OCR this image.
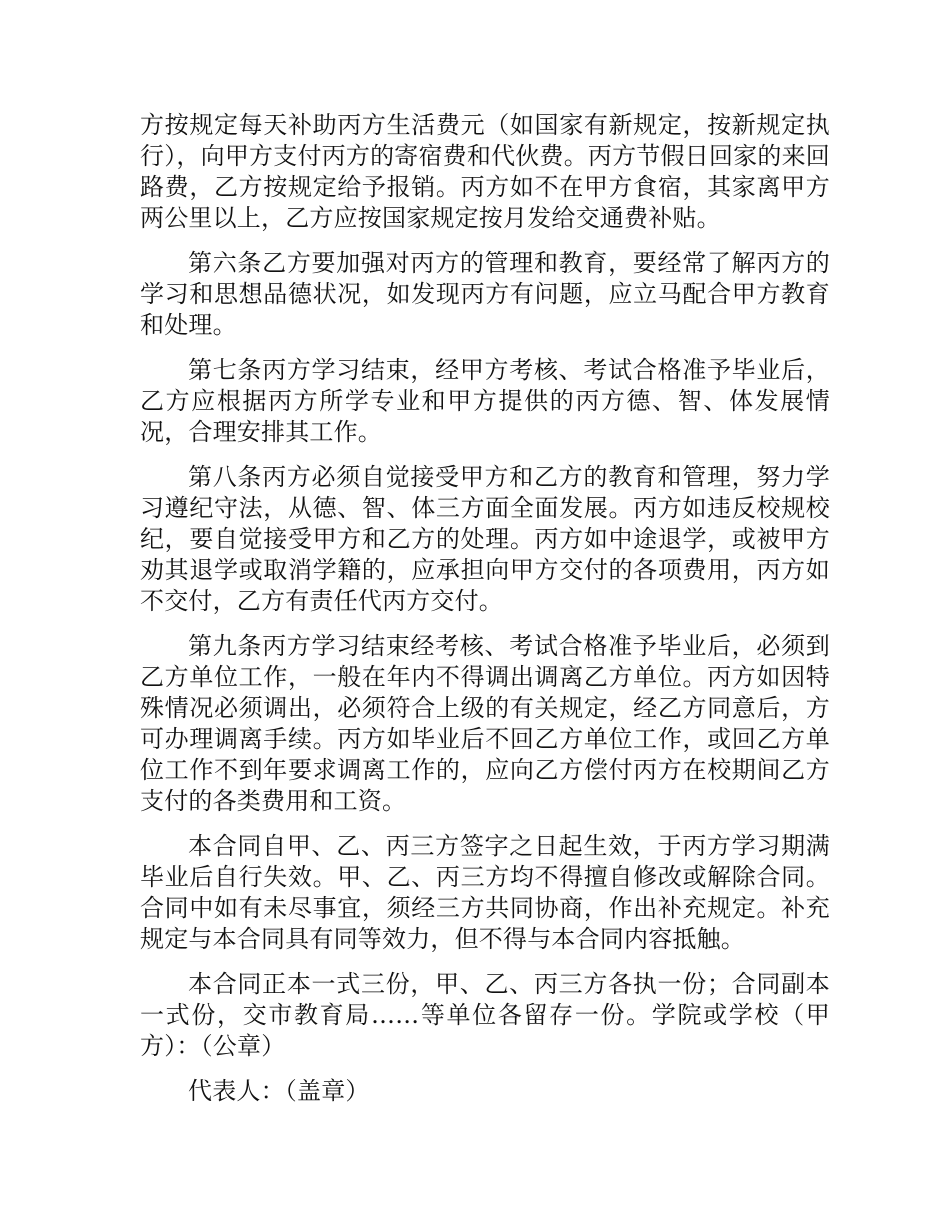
方按规定每天补助丙方生活费元（如国家有新规定，按新规定执行），向甲方支付丙方的寄宿费和代伙费。丙方节假日回家的来回路费，乙方按规定给予报销。丙方如不在甲方食宿，其家离甲方两公里以上，乙方应按国家规定按月发给交通费补贴。

第六条乙方要加强对丙方的管理和教育，要经常了解丙方的学习和思想品德状况，如发现丙方有问题，应立马配合甲方教育和处理。

第七条丙方学习结束，经甲方考核、考试合格准予毕业后，乙方应根据丙方所学专业和甲方提供的丙方德、智、体发展情况，合理安排其工作。

第八条丙方必须自觉接受甲方和乙方的教育和管理，努力学习遵纪守法，从德、智、体三方面全面发展。丙方如违反校规校纪，要自觉接受甲方和乙方的处理。丙方如中途退学，或被甲方劝其退学或取消学籍的，应承担向甲方交付的各项费用，丙方如不交付，乙方有责任代丙方交付。

第九条丙方学习结束经考核、考试合格准予毕业后，必须到乙方单位工作，一般在年内不得调出调离乙方单位。丙方如因特殊情况必须调出，必须符合上级的有关规定，经乙方同意后，方可办理调离手续。丙方如毕业后不回乙方单位工作，或回乙方单位工作不到年要求调离工作的，应向乙方偿付丙方在校期间乙方支付的各类费用和工资。

本合同自甲、乙、丙三方签字之日起生效，于丙方学习期满毕业后自行失效。甲、乙、丙三方均不得擅自修改或解除合同。合同中如有未尽事宜，须经三方共同协商，作出补充规定。补充规定与本合同具有同等效力，但不得与本合同内容抵触。

本合同正本一式三份，甲、乙、丙三方各执一份；合同副本一式份，交市教育局……等单位各留存一份。学院或学校（甲方）：（公章）

代表人：（盖章）
